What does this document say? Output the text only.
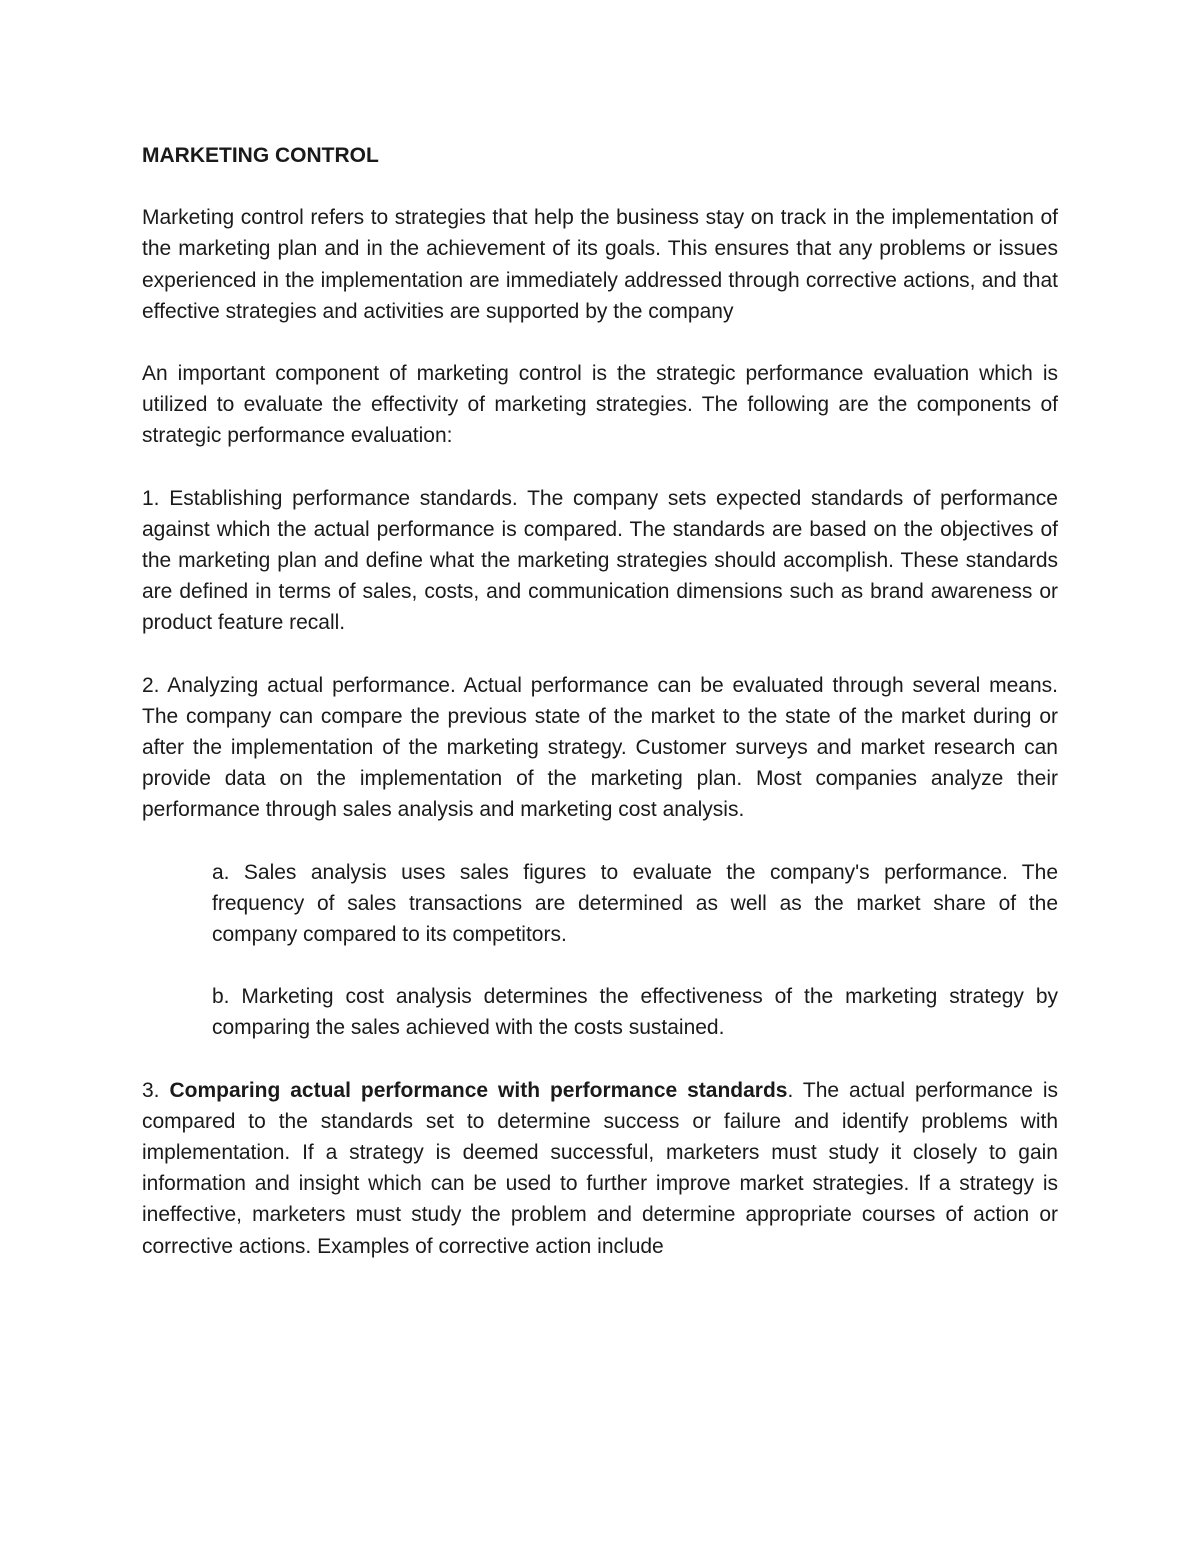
MARKETING CONTROL

Marketing control refers to strategies that help the business stay on track in the implementation of the marketing plan and in the achievement of its goals. This ensures that any problems or issues experienced in the implementation are immediately addressed through corrective actions, and that effective strategies and activities are supported by the company

An important component of marketing control is the strategic performance evaluation which is utilized to evaluate the effectivity of marketing strategies. The following are the components of strategic performance evaluation:

1. Establishing performance standards. The company sets expected standards of performance against which the actual performance is compared. The standards are based on the objectives of the marketing plan and define what the marketing strategies should accomplish. These standards are defined in terms of sales, costs, and communication dimensions such as brand awareness or product feature recall.

2. Analyzing actual performance. Actual performance can be evaluated through several means. The company can compare the previous state of the market to the state of the market during or after the implementation of the marketing strategy. Customer surveys and market research can provide data on the implementation of the marketing plan. Most companies analyze their performance through sales analysis and marketing cost analysis.

a. Sales analysis uses sales figures to evaluate the company's performance. The frequency of sales transactions are determined as well as the market share of the company compared to its competitors.

b. Marketing cost analysis determines the effectiveness of the marketing strategy by comparing the sales achieved with the costs sustained.

3. Comparing actual performance with performance standards. The actual performance is compared to the standards set to determine success or failure and identify problems with implementation. If a strategy is deemed successful, marketers must study it closely to gain information and insight which can be used to further improve market strategies. If a strategy is ineffective, marketers must study the problem and determine appropriate courses of action or corrective actions. Examples of corrective action include
